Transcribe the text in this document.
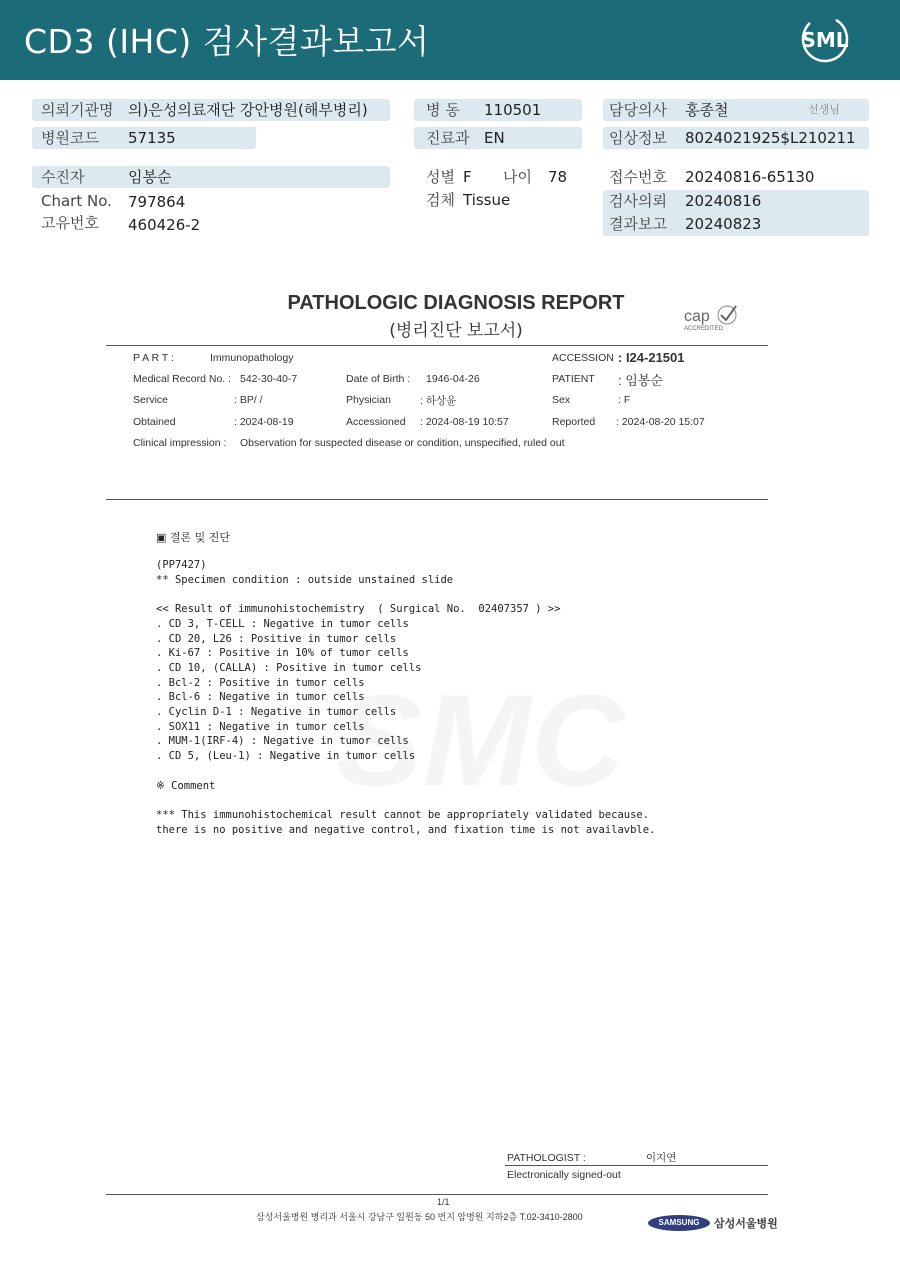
CD3 (IHC) 검사결과보고서	SML
의뢰기관명 의)은성의료재단 강안병원(해부병리)
병원코드 57135
병 동 110501
진료과 EN
담당의사 홍종철	선생님
임상정보 8024021925$L210211
수진자	임봉순
Chart No. 797864
고유번호 460426-2
성별 F 나이 78
검체 Tissue
접수번호 20240816-65130
검사의뢰 20240816
결과보고 20240823
PATHOLOGIC DIAGNOSIS REPORT
(병리진단 보고서)
cap
ACCREDITED
P A R T :	Immunopathology	ACCESSION : I24-21501
Medical Record No. : 542-30-40-7	Date of Birth : 1946-04-26	PATIENT : 임봉순
Service	: BP/ /	Physician	: 하상윤	Sex	: F
Obtained	: 2024-08-19	Accessioned : 2024-08-19 10:57	Reported : 2024-08-20 15:07
Clinical impression : Observation for suspected disease or condition, unspecified, ruled out
▣ 결론 및 진단
(PP7427)
** Specimen condition : outside unstained slide
<< Result of immunohistochemistry  ( Surgical No.  02407357 ) >>
. CD 3, T-CELL : Negative in tumor cells
. CD 20, L26 : Positive in tumor cells
. Ki-67 : Positive in 10% of tumor cells
. CD 10, (CALLA) : Positive in tumor cells
. Bcl-2 : Positive in tumor cells
. Bcl-6 : Negative in tumor cells
. Cyclin D-1 : Negative in tumor cells
. SOX11 : Negative in tumor cells
. MUM-1(IRF-4) : Negative in tumor cells
. CD 5, (Leu-1) : Negative in tumor cells
※ Comment
*** This immunohistochemical result cannot be appropriately validated because.
there is no positive and negative control, and fixation time is not availavble.
PATHOLOGIST :	이지연
Electronically signed-out
1/1
삼성서울병원 병리과 서울시 강남구 일원동 50 번지 암병원 지하2층 T.02-3410-2800
SAMSUNG	삼성서울병원
